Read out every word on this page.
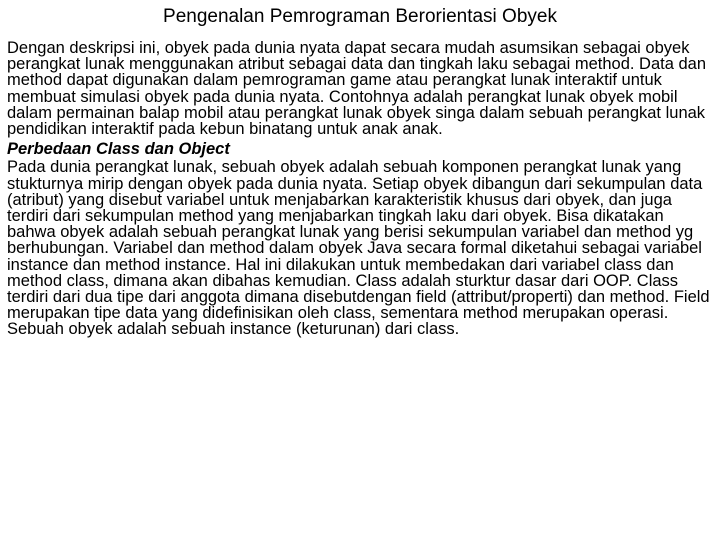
Pengenalan Pemrograman Berorientasi Obyek

Dengan deskripsi ini, obyek pada dunia nyata dapat secara mudah asumsikan sebagai obyek perangkat lunak menggunakan atribut sebagai data dan tingkah laku sebagai method. Data dan method dapat digunakan dalam pemrograman game atau perangkat lunak interaktif untuk membuat simulasi obyek pada dunia nyata. Contohnya adalah perangkat lunak obyek mobil dalam permainan balap mobil atau perangkat lunak obyek singa dalam sebuah perangkat lunak pendidikan interaktif pada kebun binatang untuk anak anak.

Perbedaan Class dan Object

Pada dunia perangkat lunak, sebuah obyek adalah sebuah komponen perangkat lunak yang stukturnya mirip dengan obyek pada dunia nyata. Setiap obyek dibangun dari sekumpulan data (atribut) yang disebut variabel untuk menjabarkan karakteristik khusus dari obyek, dan juga terdiri dari sekumpulan method yang menjabarkan tingkah laku dari obyek. Bisa dikatakan bahwa obyek adalah sebuah perangkat lunak yang berisi sekumpulan variabel dan method yg berhubungan. Variabel dan method dalam obyek Java secara formal diketahui sebagai variabel instance dan method instance. Hal ini dilakukan untuk membedakan dari variabel class dan method class, dimana akan dibahas kemudian. Class adalah sturktur dasar dari OOP. Class terdiri dari dua tipe dari anggota dimana disebutdengan field (attribut/properti) dan method. Field merupakan tipe data yang didefinisikan oleh class, sementara method merupakan operasi. Sebuah obyek adalah sebuah instance (keturunan) dari class.
